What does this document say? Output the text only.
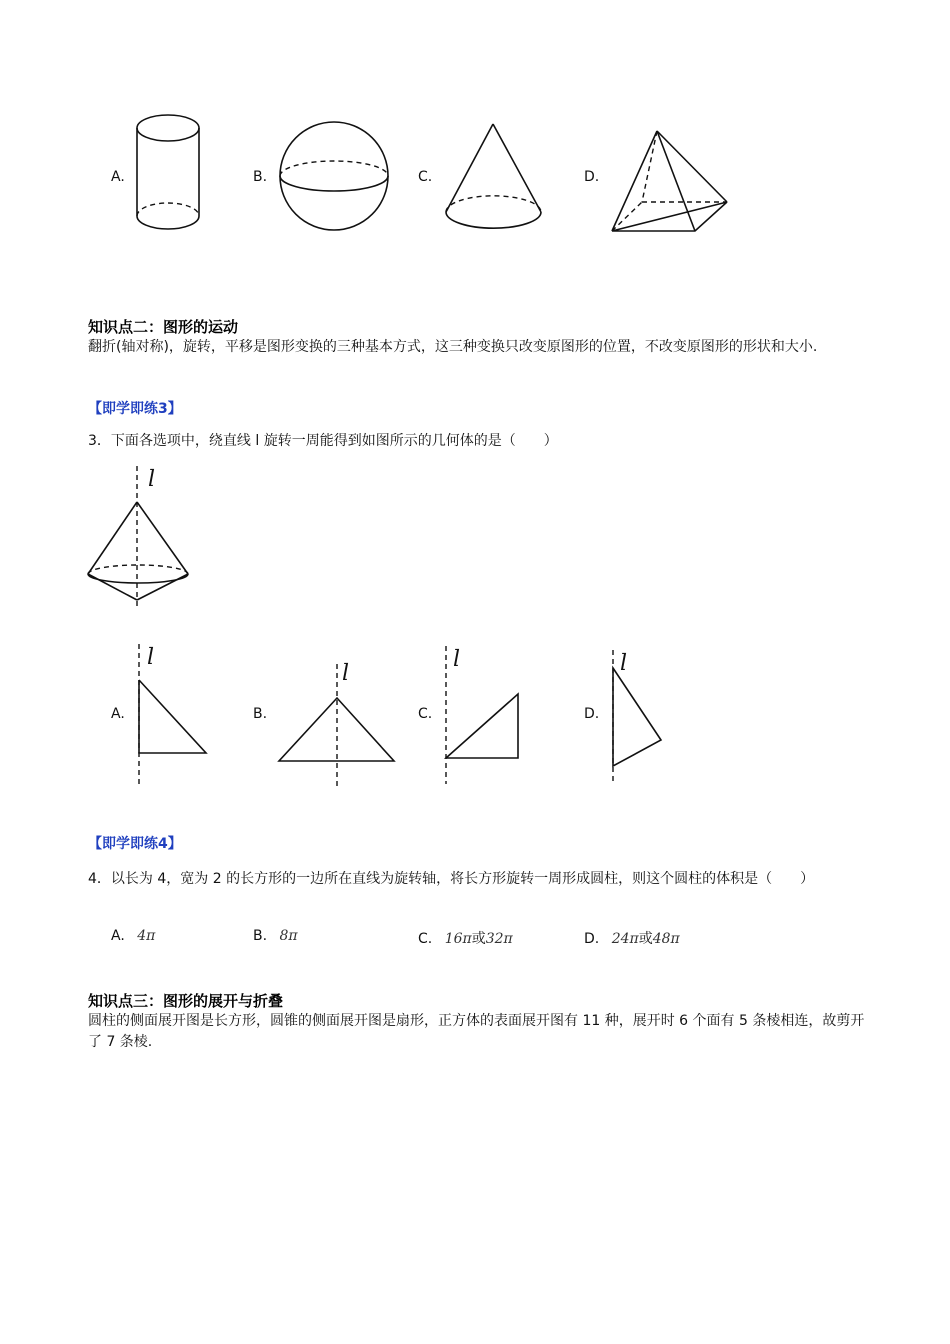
A.	B.	C.	D.
知识点二：图形的运动
翻折(轴对称)，旋转，平移是图形变换的三种基本方式，这三种变换只改变原图形的位置，不改变原图形的形状和大小.
【即学即练3】
3．下面各选项中，绕直线 l 旋转一周能得到如图所示的几何体的是（　　）
l
A.
l
B.
l
C.
l
D.
l
【即学即练4】
4．以长为 4，宽为 2 的长方形的一边所在直线为旋转轴，将长方形旋转一周形成圆柱，则这个圆柱的体积是（　　）
A. 4π	B. 8π	C. 16π或32π	D. 24π或48π
知识点三：图形的展开与折叠
圆柱的侧面展开图是长方形，圆锥的侧面展开图是扇形，正方体的表面展开图有 11 种，展开时 6 个面有 5 条棱相连，故剪开了 7 条棱.
